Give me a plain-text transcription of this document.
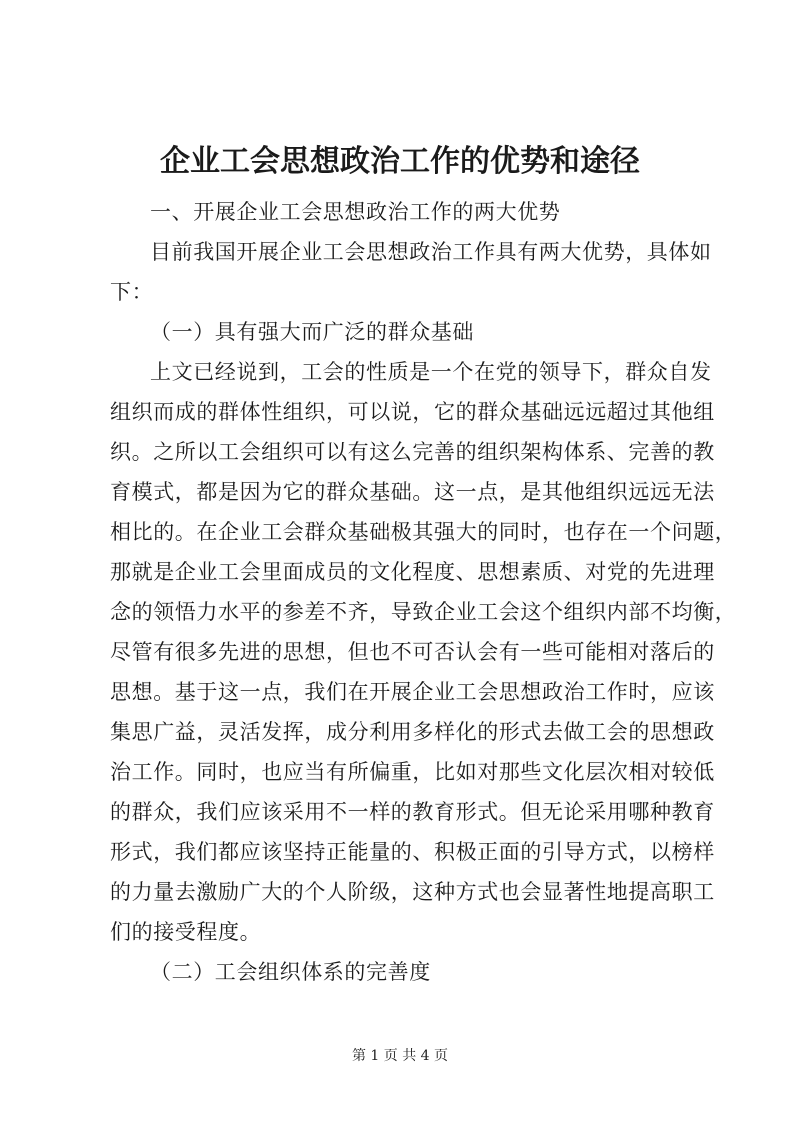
企业工会思想政治工作的优势和途径
一、开展企业工会思想政治工作的两大优势
目前我国开展企业工会思想政治工作具有两大优势，具体如
下：
（一）具有强大而广泛的群众基础
上文已经说到，工会的性质是一个在党的领导下，群众自发
组织而成的群体性组织，可以说，它的群众基础远远超过其他组
织。之所以工会组织可以有这么完善的组织架构体系、完善的教
育模式，都是因为它的群众基础。这一点，是其他组织远远无法
相比的。在企业工会群众基础极其强大的同时，也存在一个问题，
那就是企业工会里面成员的文化程度、思想素质、对党的先进理
念的领悟力水平的参差不齐，导致企业工会这个组织内部不均衡，
尽管有很多先进的思想，但也不可否认会有一些可能相对落后的
思想。基于这一点，我们在开展企业工会思想政治工作时，应该
集思广益，灵活发挥，成分利用多样化的形式去做工会的思想政
治工作。同时，也应当有所偏重，比如对那些文化层次相对较低
的群众，我们应该采用不一样的教育形式。但无论采用哪种教育
形式，我们都应该坚持正能量的、积极正面的引导方式，以榜样
的力量去激励广大的个人阶级，这种方式也会显著性地提高职工
们的接受程度。
（二）工会组织体系的完善度
第 1 页 共 4 页
